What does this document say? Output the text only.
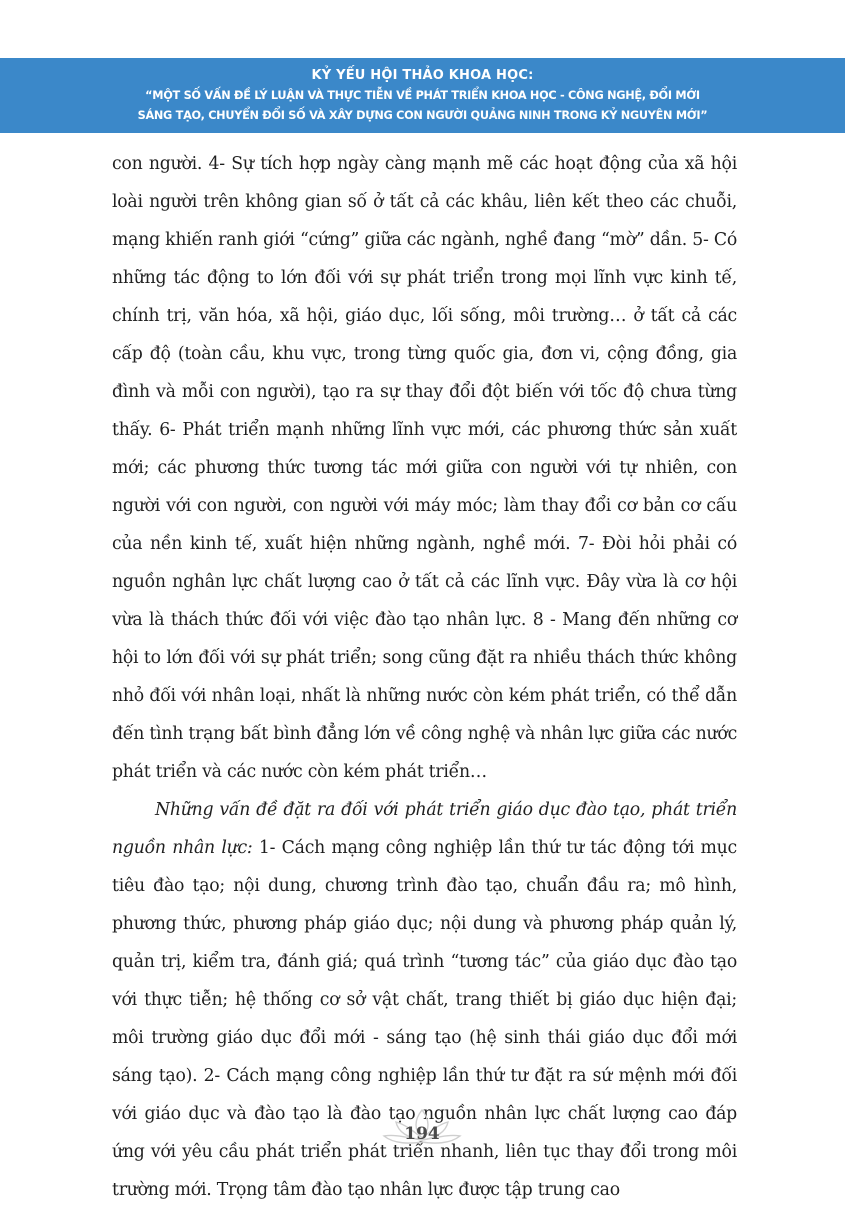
KỶ YẾU HỘI THẢO KHOA HỌC:
“MỘT SỐ VẤN ĐỀ LÝ LUẬN VÀ THỰC TIỄN VỀ PHÁT TRIỂN KHOA HỌC - CÔNG NGHỆ, ĐỔI MỚI
SÁNG TẠO, CHUYỂN ĐỔI SỐ VÀ XÂY DỰNG CON NGƯỜI QUẢNG NINH TRONG KỶ NGUYÊN MỚI”

con người. 4- Sự tích hợp ngày càng mạnh mẽ các hoạt động của xã hội loài người trên không gian số ở tất cả các khâu, liên kết theo các chuỗi, mạng khiến ranh giới “cứng” giữa các ngành, nghề đang “mờ” dần. 5- Có những tác động to lớn đối với sự phát triển trong mọi lĩnh vực kinh tế, chính trị, văn hóa, xã hội, giáo dục, lối sống, môi trường… ở tất cả các cấp độ (toàn cầu, khu vực, trong từng quốc gia, đơn vi, cộng đồng, gia đình và mỗi con người), tạo ra sự thay đổi đột biến với tốc độ chưa từng thấy. 6- Phát triển mạnh những lĩnh vực mới, các phương thức sản xuất mới; các phương thức tương tác mới giữa con người với tự nhiên, con người với con người, con người với máy móc; làm thay đổi cơ bản cơ cấu của nền kinh tế, xuất hiện những ngành, nghề mới. 7- Đòi hỏi phải có nguồn nghân lực chất lượng cao ở tất cả các lĩnh vực. Đây vừa là cơ hội vừa là thách thức đối với việc đào tạo nhân lực. 8 - Mang đến những cơ hội to lớn đối với sự phát triển; song cũng đặt ra nhiều thách thức không nhỏ đối với nhân loại, nhất là những nước còn kém phát triển, có thể dẫn đến tình trạng bất bình đẳng lớn về công nghệ và nhân lực giữa các nước phát triển và các nước còn kém phát triển…

Những vấn đề đặt ra đối với phát triển giáo dục đào tạo, phát triển nguồn nhân lực: 1- Cách mạng công nghiệp lần thứ tư tác động tới mục tiêu đào tạo; nội dung, chương trình đào tạo, chuẩn đầu ra; mô hình, phương thức, phương pháp giáo dục; nội dung và phương pháp quản lý, quản trị, kiểm tra, đánh giá; quá trình “tương tác” của giáo dục đào tạo với thực tiễn; hệ thống cơ sở vật chất, trang thiết bị giáo dục hiện đại; môi trường giáo dục đổi mới - sáng tạo (hệ sinh thái giáo dục đổi mới sáng tạo). 2- Cách mạng công nghiệp lần thứ tư đặt ra sứ mệnh mới đối với giáo dục và đào tạo là đào tạo nguồn nhân lực chất lượng cao đáp ứng với yêu cầu phát triển phát triển nhanh, liên tục thay đổi trong môi trường mới. Trọng tâm đào tạo nhân lực được tập trung cao

194
